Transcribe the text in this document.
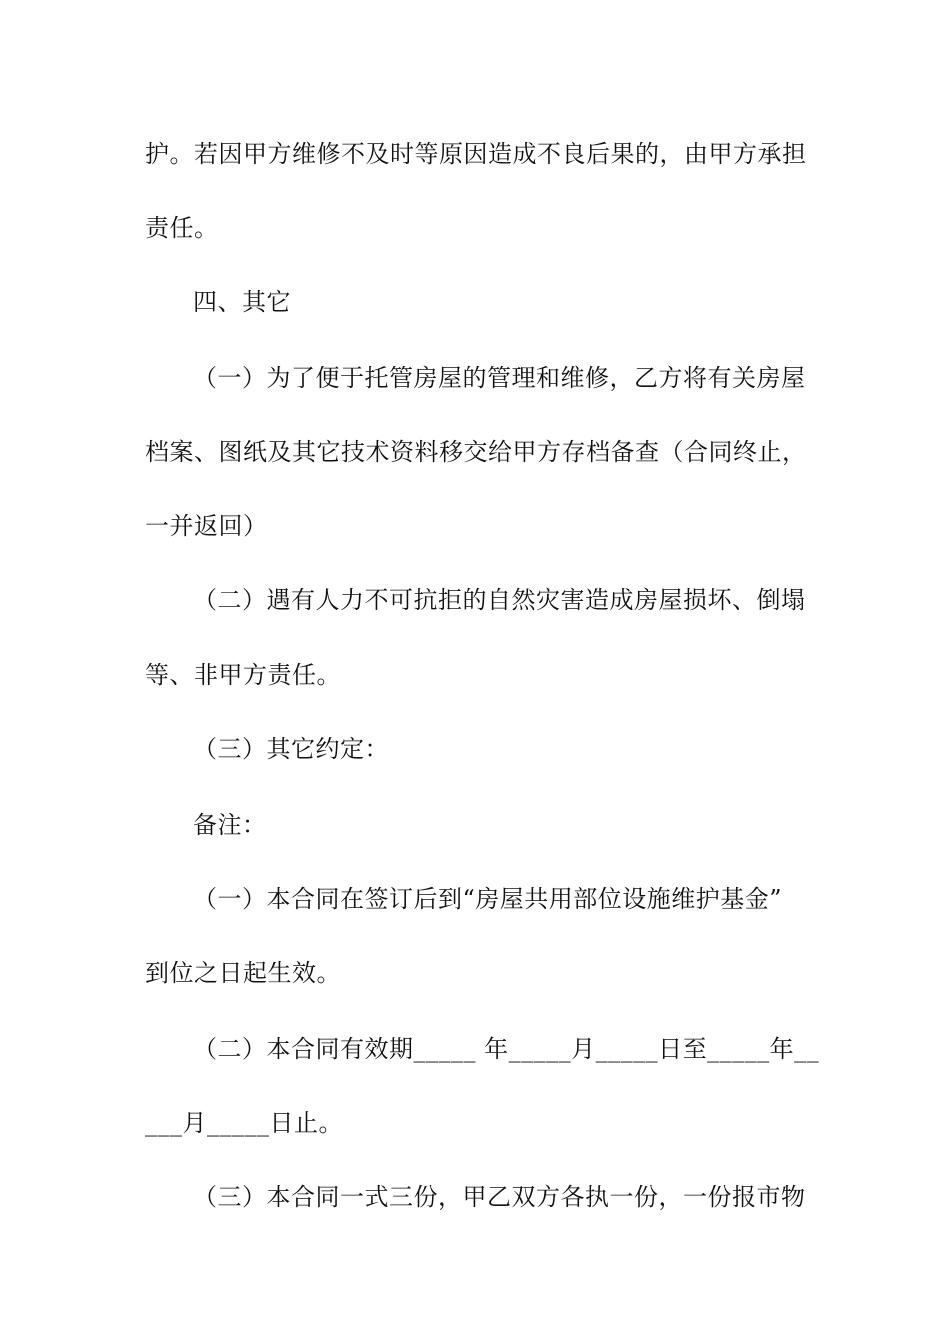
护。若因甲方维修不及时等原因造成不良后果的，由甲方承担
责任。
四、其它
（一）为了便于托管房屋的管理和维修，乙方将有关房屋
档案、图纸及其它技术资料移交给甲方存档备查（合同终止，
一并返回）
（二）遇有人力不可抗拒的自然灾害造成房屋损坏、倒塌
等、非甲方责任。
（三）其它约定：
备注：
（一）本合同在签订后到“房屋共用部位设施维护基金”
到位之日起生效。
（二）本合同有效期_____ 年_____月_____日至_____年__
___月_____日止。
（三）本合同一式三份，甲乙双方各执一份，一份报市物
